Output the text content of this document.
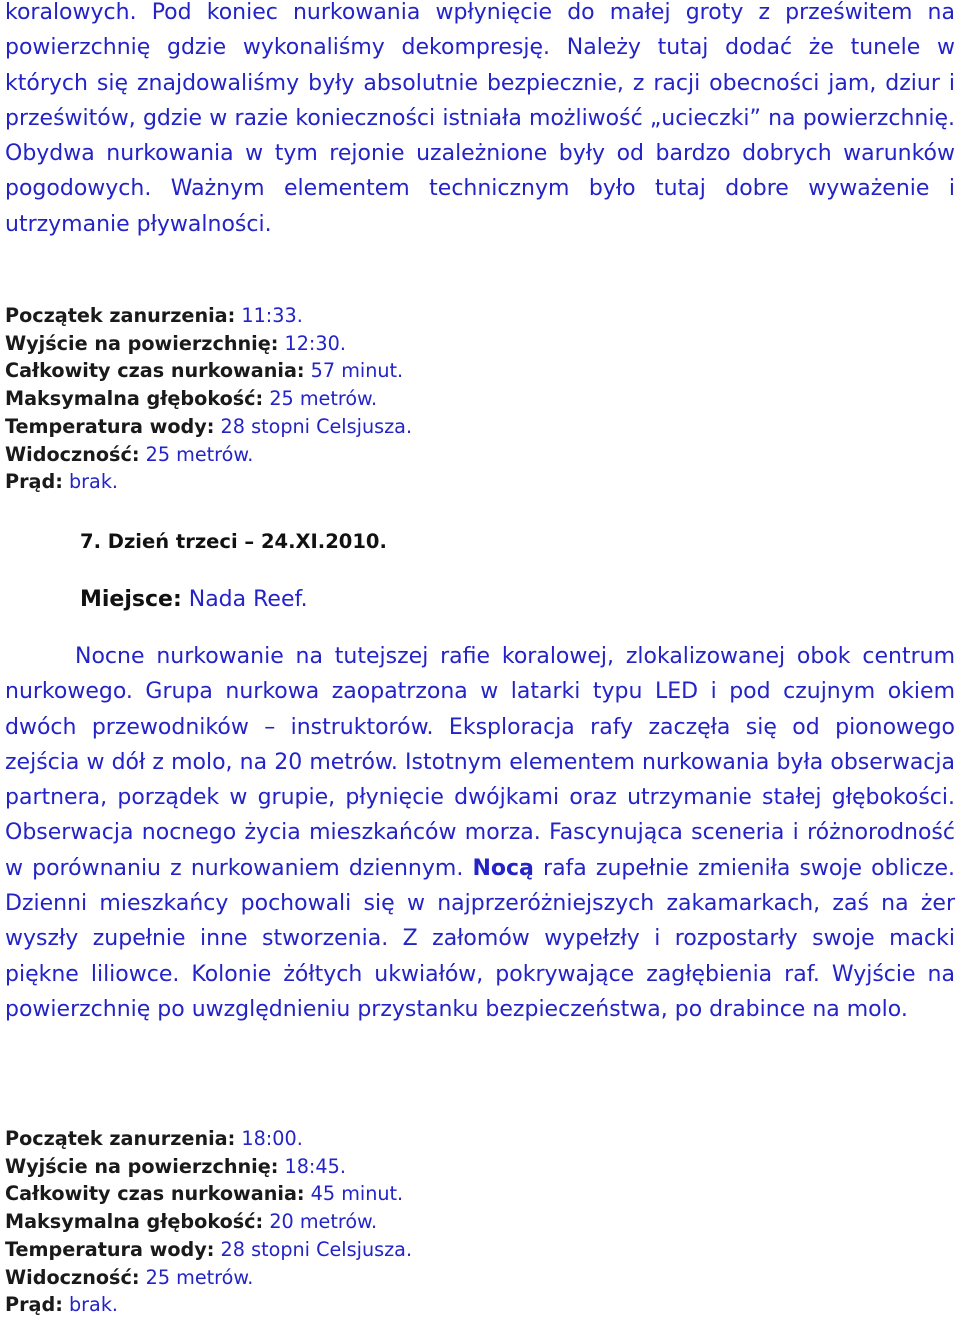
koralowych. Pod koniec nurkowania wpłynięcie do małej groty z prześwitem na powierzchnię gdzie wykonaliśmy dekompresję. Należy tutaj dodać że tunele w których się znajdowaliśmy były absolutnie bezpiecznie, z racji obecności jam, dziur i prześwitów, gdzie w razie konieczności istniała możliwość „ucieczki” na powierzchnię. Obydwa nurkowania w tym rejonie uzależnione były od bardzo dobrych warunków pogodowych. Ważnym elementem technicznym było tutaj dobre wyważenie i utrzymanie pływalności.

Początek zanurzenia: 11:33.
Wyjście na powierzchnię: 12:30.
Całkowity czas nurkowania: 57 minut.
Maksymalna głębokość: 25 metrów.
Temperatura wody: 28 stopni Celsjusza.
Widoczność: 25 metrów.
Prąd: brak.
7. Dzień trzeci – 24.XI.2010.
Miejsce: Nada Reef.

Nocne nurkowanie na tutejszej rafie koralowej, zlokalizowanej obok centrum nurkowego. Grupa nurkowa zaopatrzona w latarki typu LED i pod czujnym okiem dwóch przewodników – instruktorów. Eksploracja rafy zaczęła się od pionowego zejścia w dół z molo, na 20 metrów. Istotnym elementem nurkowania była obserwacja partnera, porządek w grupie, płynięcie dwójkami oraz utrzymanie stałej głębokości. Obserwacja nocnego życia mieszkańców morza. Fascynująca sceneria i różnorodność w porównaniu z nurkowaniem dziennym. Nocą rafa zupełnie zmieniła swoje oblicze. Dzienni mieszkańcy pochowali się w najprzeróżniejszych zakamarkach, zaś na żer wyszły zupełnie inne stworzenia. Z załomów wypełzły i rozpostarły swoje macki piękne liliowce. Kolonie żółtych ukwiałów, pokrywające zagłębienia raf. Wyjście na powierzchnię po uwzględnieniu przystanku bezpieczeństwa, po drabince na molo.

Początek zanurzenia: 18:00.
Wyjście na powierzchnię: 18:45.
Całkowity czas nurkowania: 45 minut.
Maksymalna głębokość: 20 metrów.
Temperatura wody: 28 stopni Celsjusza.
Widoczność: 25 metrów.
Prąd: brak.
